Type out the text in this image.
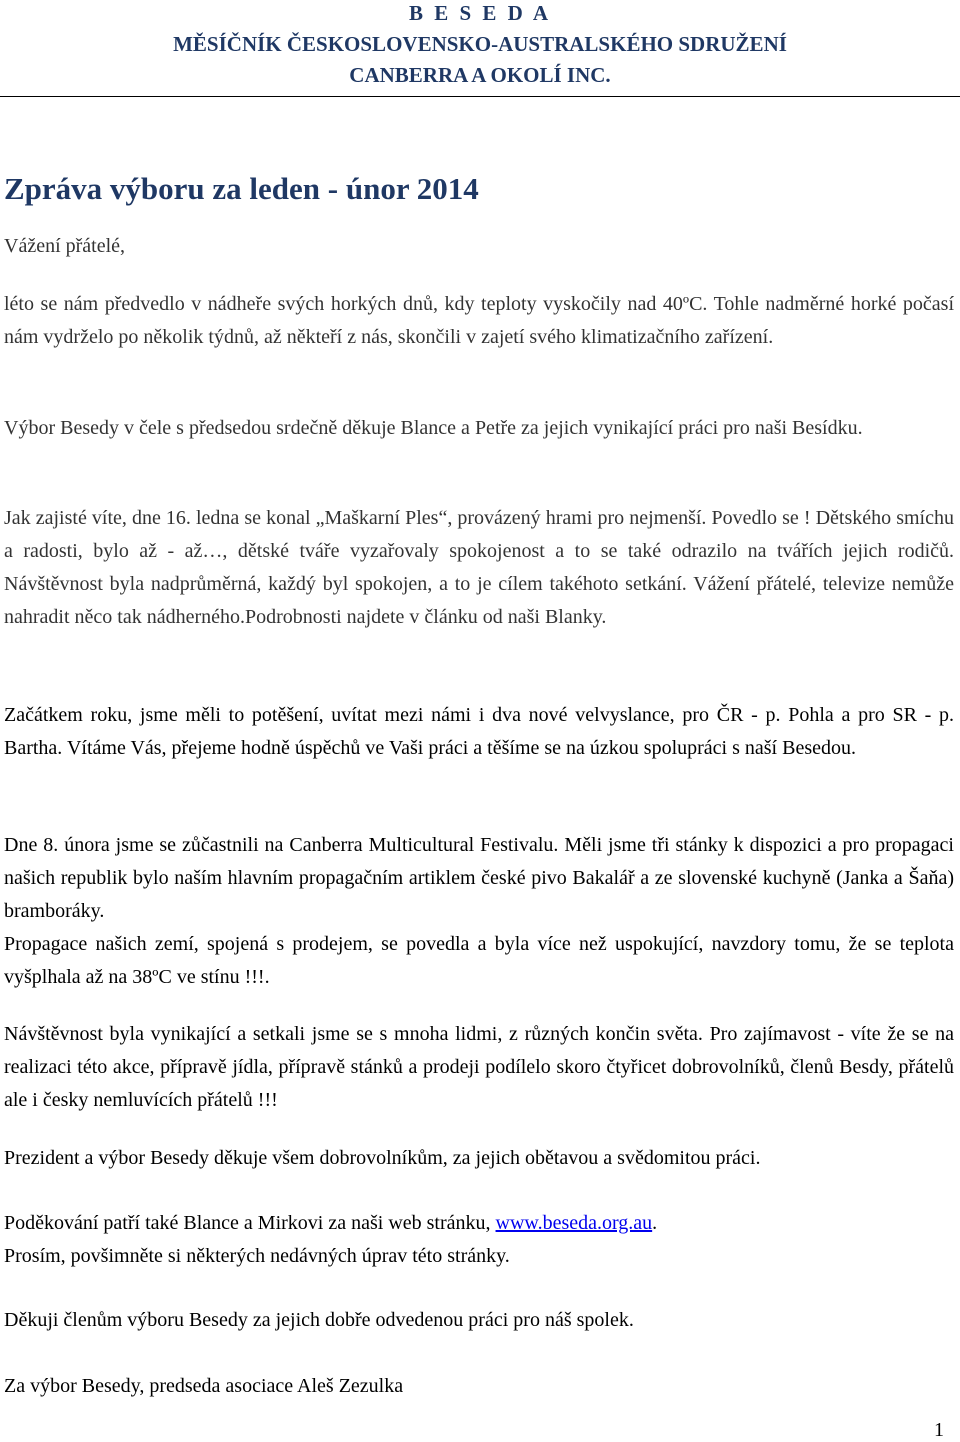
B E S E D A
MĚSÍČNÍK ČESKOSLOVENSKO-AUSTRALSKÉHO SDRUŽENÍ
CANBERRA A OKOLÍ INC.
Zpráva výboru za leden - únor 2014
Vážení přátelé,

léto se nám předvedlo v nádheře svých horkých dnů, kdy teploty vyskočily nad 40ºC. Tohle nadměrné horké počasí nám vydrželo po několik týdnů, až někteří z nás, skončili v zajetí svého klimatizačního zařízení.

Výbor Besedy v čele s předsedou srdečně děkuje Blance a Petře za jejich vynikající práci pro naši Besídku.

Jak zajisté víte, dne 16. ledna se konal „Maškarní Ples“, provázený hrami pro nejmenší. Povedlo se ! Dětského smíchu a radosti, bylo až - až…, dětské tváře vyzařovaly spokojenost a to se také odrazilo na tvářích jejich rodičů. Návštěvnost byla nadprůměrná, každý byl spokojen, a to je cílem takéhoto setkání. Vážení přátelé, televize nemůže nahradit něco tak nádherného.Podrobnosti najdete v článku od naši Blanky.

Začátkem roku, jsme měli to potěšení, uvítat mezi námi i dva nové velvyslance, pro ČR - p. Pohla a pro SR - p. Bartha. Vítáme Vás, přejeme hodně úspěchů ve Vaši práci a těšíme se na úzkou spolupráci s naší Besedou.

Dne 8. února jsme se zůčastnili na Canberra Multicultural Festivalu. Měli jsme tři stánky k dispozici a pro propagaci našich republik bylo naším hlavním propagačním artiklem české pivo Bakalář a ze slovenské kuchyně (Janka a Šaňa) bramboráky.

Propagace našich zemí, spojená s prodejem, se povedla a byla více než uspokující, navzdory tomu, že se teplota vyšplhala až na 38ºC ve stínu !!!.

Návštěvnost byla vynikající a setkali jsme se s mnoha lidmi, z různých končin světa. Pro zajímavost - víte že se na realizaci této akce, přípravě jídla, přípravě stánků a prodeji podílelo skoro čtyřicet dobrovolníků, členů Besdy, přátelů ale i česky nemluvících přátelů !!!

Prezident a výbor Besedy děkuje všem dobrovolníkům, za jejich obětavou a svědomitou práci.

Poděkování patří také Blance a Mirkovi za naši web stránku, www.beseda.org.au.

Prosím, povšimněte si některých nedávných úprav této stránky.

Děkuji členům výboru Besedy za jejich dobře odvedenou práci pro náš spolek.

Za výbor Besedy, predseda asociace Aleš Zezulka

1
